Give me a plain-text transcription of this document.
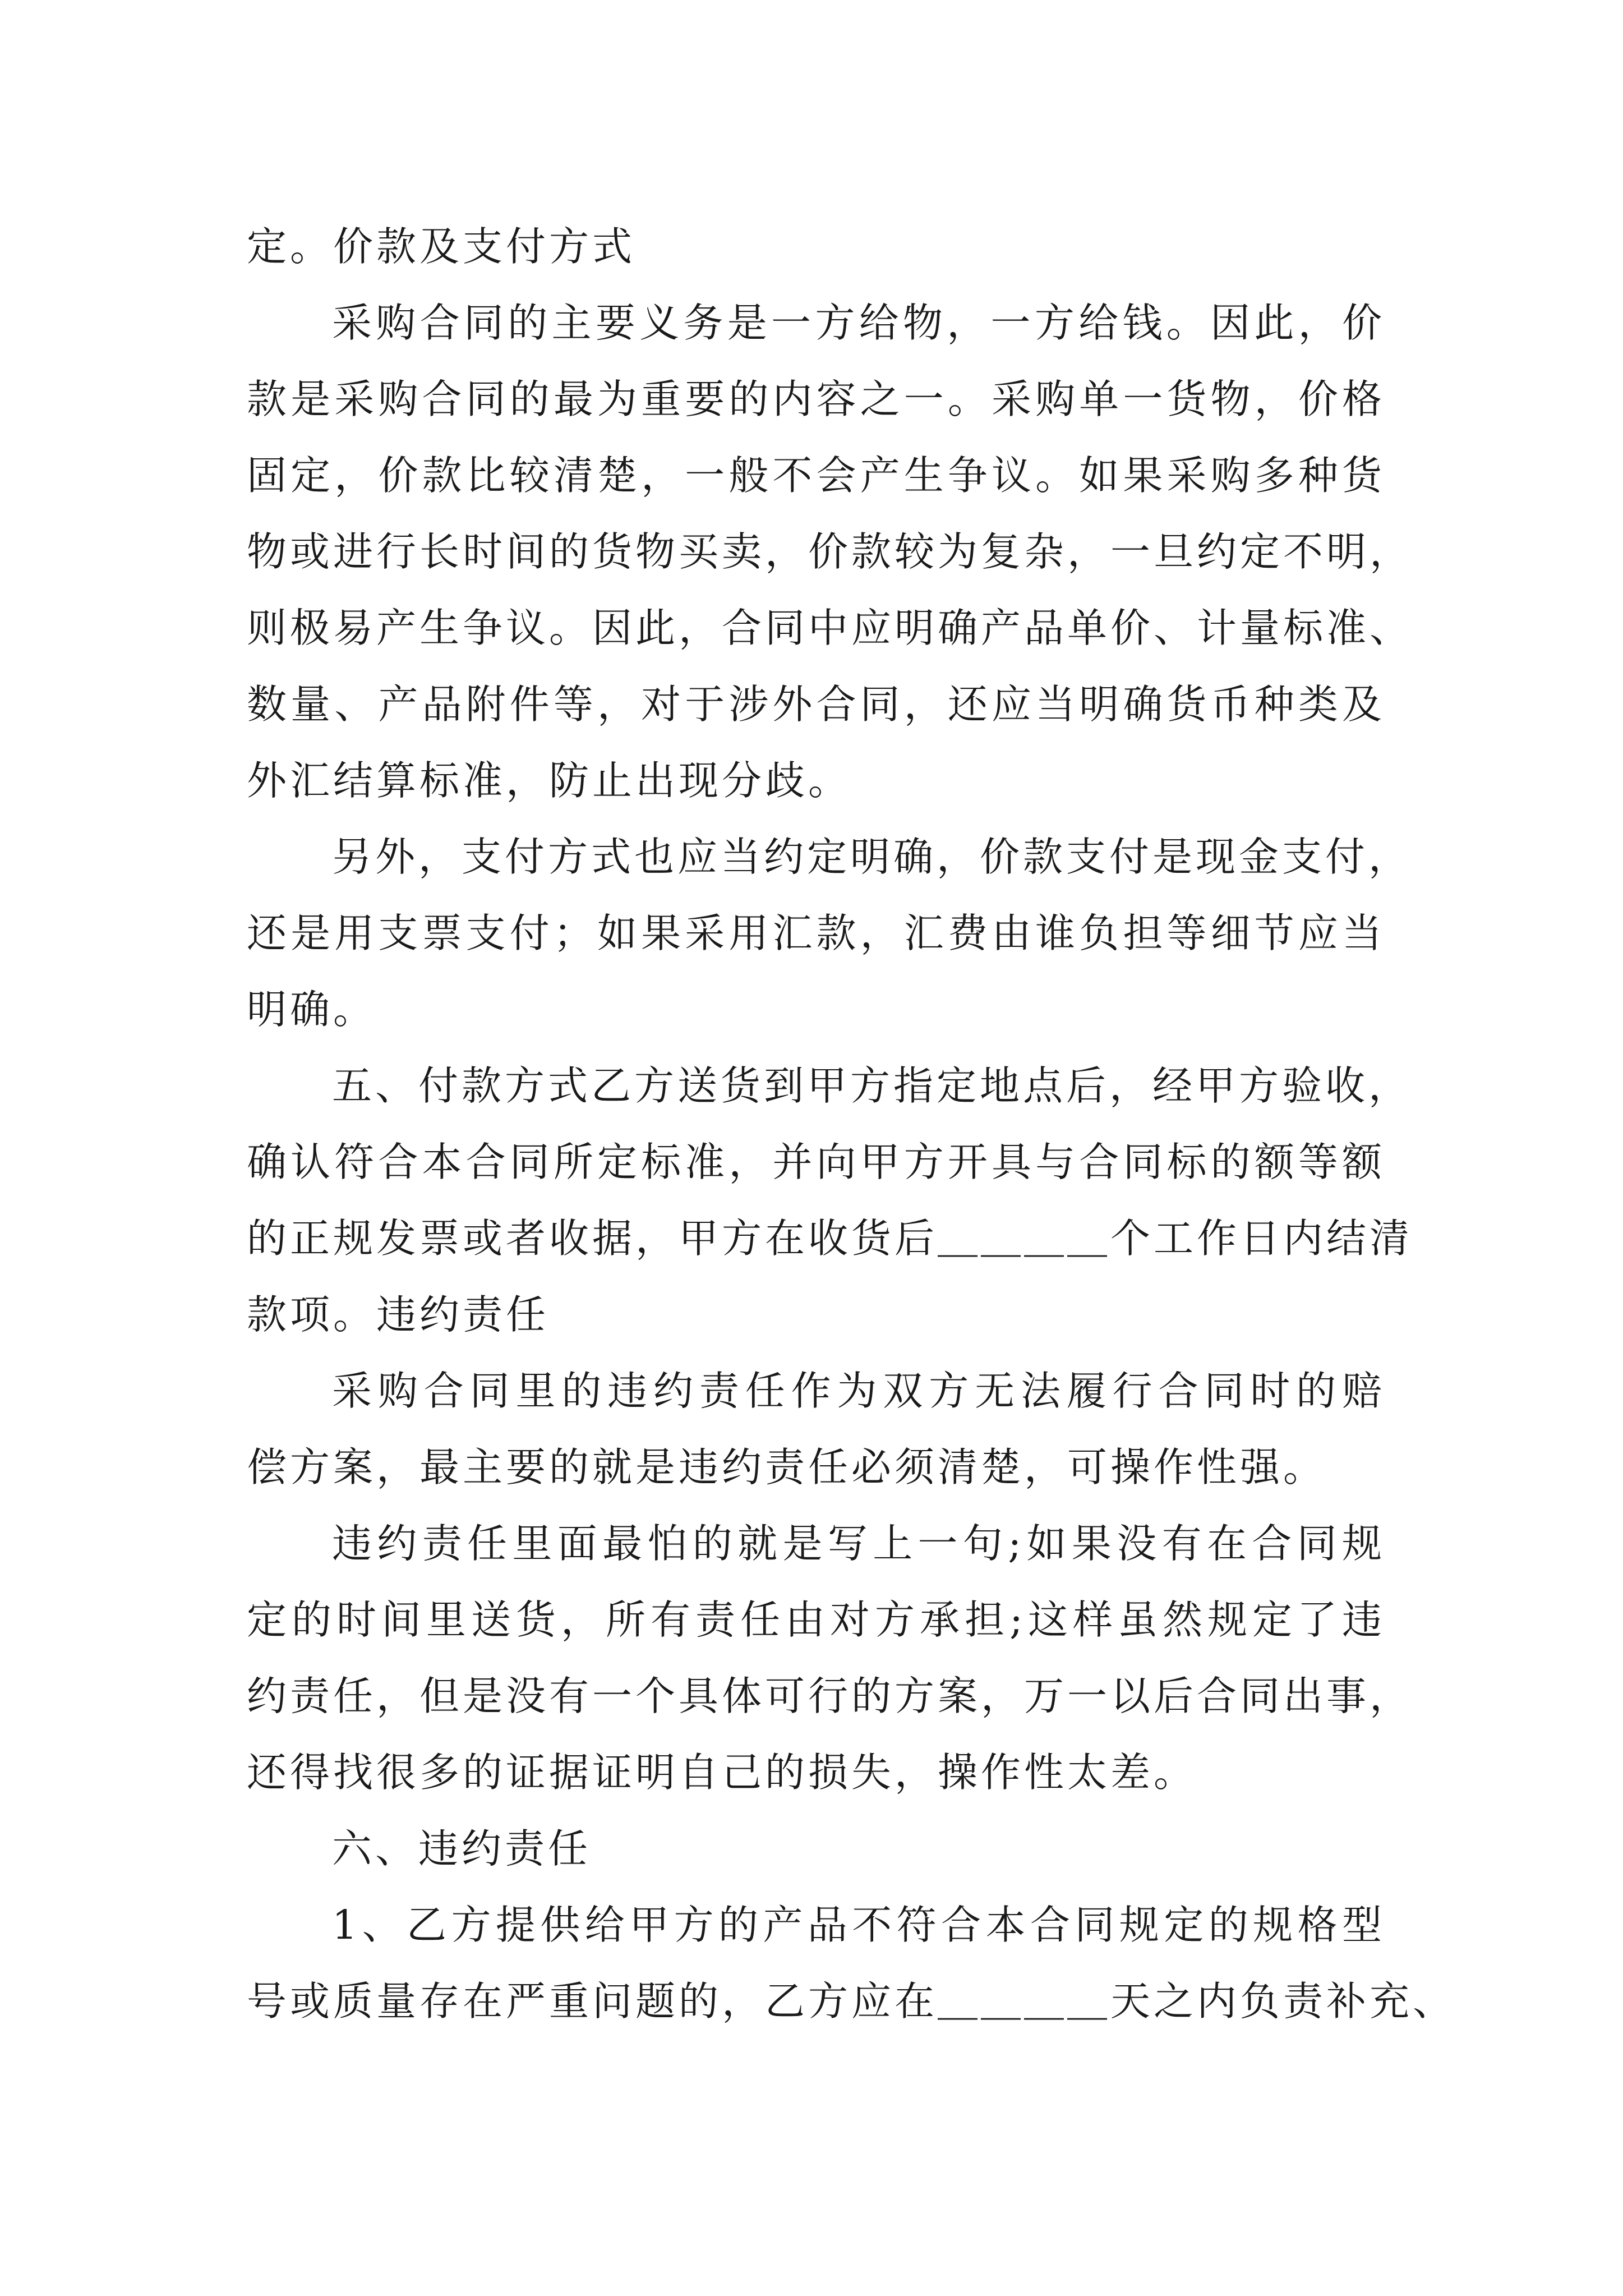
定。价款及支付方式
采购合同的主要义务是一方给物，一方给钱。因此，价
款是采购合同的最为重要的内容之一。采购单一货物，价格
固定，价款比较清楚，一般不会产生争议。如果采购多种货
物或进行长时间的货物买卖，价款较为复杂，一旦约定不明，
则极易产生争议。因此，合同中应明确产品单价、计量标准、
数量、产品附件等，对于涉外合同，还应当明确货币种类及
外汇结算标准，防止出现分歧。
另外，支付方式也应当约定明确，价款支付是现金支付，
还是用支票支付；如果采用汇款，汇费由谁负担等细节应当
明确。
五、付款方式乙方送货到甲方指定地点后，经甲方验收，
确认符合本合同所定标准，并向甲方开具与合同标的额等额
的正规发票或者收据，甲方在收货后＿＿＿＿个工作日内结清
款项。违约责任
采购合同里的违约责任作为双方无法履行合同时的赔
偿方案，最主要的就是违约责任必须清楚，可操作性强。
违约责任里面最怕的就是写上一句;如果没有在合同规
定的时间里送货，所有责任由对方承担;这样虽然规定了违
约责任，但是没有一个具体可行的方案，万一以后合同出事，
还得找很多的证据证明自己的损失，操作性太差。
六、违约责任
1、乙方提供给甲方的产品不符合本合同规定的规格型
号或质量存在严重问题的，乙方应在＿＿＿＿天之内负责补充、
